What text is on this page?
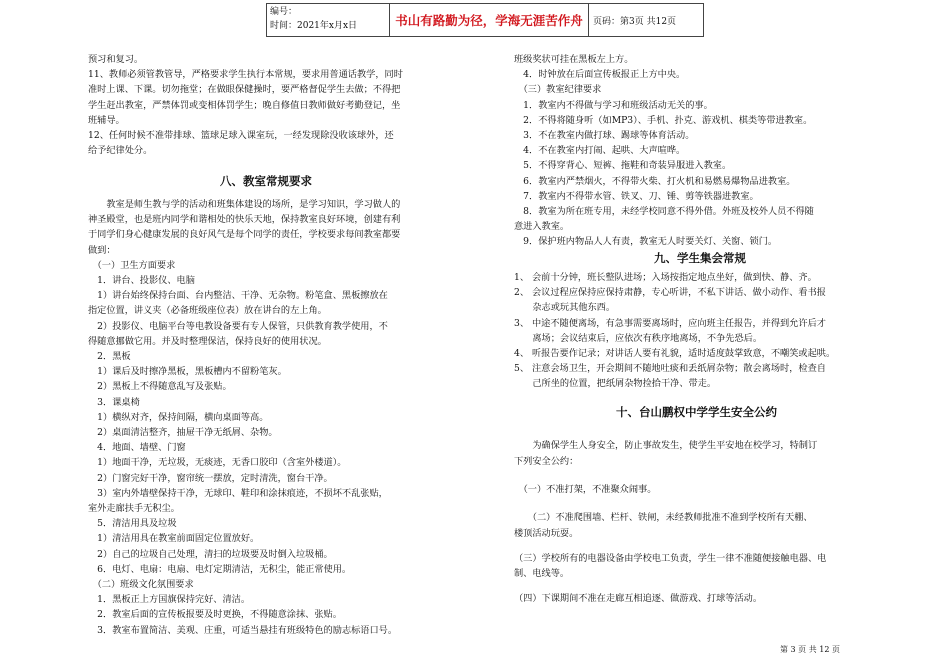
编号：
时间：2021年x月x日	书山有路勤为径，学海无涯苦作舟	页码：第3页 共12页

预习和复习。

11、教师必须管教管导，严格要求学生执行本常规，要求用普通话教学，同时

准时上课、下课。切勿拖堂；在做眼保健操时，要严格督促学生去做；不得把

学生赶出教室，严禁体罚或变相体罚学生；晚自修值日教师做好考勤登记，坐

班辅导。

12、任何时候不准带排球、篮球足球入课室玩，一经发现除没收该球外，还

给予纪律处分。

八、教室常规要求

　　教室是师生教与学的活动和班集体建设的场所，是学习知识，学习做人的

神圣殿堂，也是班内同学和谐相处的快乐天地，保持教室良好环境，创建有利

于同学们身心健康发展的良好风气是每个同学的责任，学校要求每间教室都要

做到：

　（一）卫生方面要求

　1．讲台、投影仪、电脑

　1）讲台始终保持台面、台内整洁、干净、无杂物。粉笔盒、黑板擦放在

指定位置，讲义夹（必备班级座位表）放在讲台的左上角。

　2）投影仪、电脑平台等电教设备要有专人保管，只供教育教学使用，不

得随意挪做它用。并及时整理保洁，保持良好的使用状况。

　2．黑板

　1）课后及时擦净黑板，黑板槽内不留粉笔灰。

　2）黑板上不得随意乱写及张贴。

　3．课桌椅

　1）横纵对齐，保持间隔，横向桌面等高。

　2）桌面清洁整齐，抽屉干净无纸屑、杂物。

　4．地面、墙壁、门窗

　1）地面干净，无垃圾，无痰迹，无香口胶印（含室外楼道）。

　2）门窗完好干净，窗帘统一摆放，定时清洗，窗台干净。

　3）室内外墙壁保持干净，无球印、鞋印和涂抹痕迹，不损坏不乱张贴，

室外走廊扶手无积尘。

　5．清洁用具及垃圾

　1）清洁用具在教室前面固定位置放好。

　2）自己的垃圾自己处理，清扫的垃圾要及时倒入垃圾桶。

　6．电灯、电扇：电扇、电灯定期清洁，无积尘，能正常使用。

　（二）班级文化氛围要求

　1．黑板正上方国旗保持完好、清洁。

　2．教室后面的宣传板报要及时更换，不得随意涂抹、张贴。

　3．教室布置简洁、美观、庄重，可适当悬挂有班级特色的励志标语口号。

班级奖状可挂在黑板左上方。

　4．时钟放在后面宣传板报正上方中央。

　（三）教室纪律要求

　1．教室内不得做与学习和班级活动无关的事。

　2．不得将随身听（如MP3）、手机、扑克、游戏机、棋类等带进教室。

　3．不在教室内做打球、踢球等体育活动。

　4．不在教室内打闹、起哄、大声喧哗。

　5．不得穿背心、短裤、拖鞋和奇装异服进入教室。

　6．教室内严禁烟火，不得带火柴、打火机和易燃易爆物品进教室。

　7．教室内不得带水管、铁叉、刀、锤、剪等铁器进教室。

　8．教室为所在班专用，未经学校同意不得外借。外班及校外人员不得随

意进入教室。

　9．保护班内物品人人有责，教室无人时要关灯、关窗、锁门。

九、学生集会常规

1、 会前十分钟，班长整队进场；入场按指定地点坐好，做到快、静、齐。

2、 会议过程应保持应保持肃静，专心听讲，不私下讲话、做小动作、看书报

　　杂志或玩其他东西。

3、 中途不随便离场，有急事需要离场时，应向班主任报告，并得到允许后才

　　离场；会议结束后，应依次有秩序地离场，不争先恐后。

4、 听报告要作记录；对讲话人要有礼貌，适时适度鼓掌致意，不嘲笑或起哄。

5、 注意会场卫生，开会期间不随地吐痰和丢纸屑杂物；散会离场时，检查自

　　己所坐的位置，把纸屑杂物捡拾干净、带走。

十、台山鹏权中学学生安全公约
　　为确保学生人身安全，防止事故发生，使学生平安地在校学习，特制订
下列安全公约：
　（一）不准打架，不准聚众闹事。
　　（二）不准爬围墙、栏杆、铁闸，未经教师批准不准到学校所有天棚、
楼顶活动玩耍。
（三）学校所有的电器设备由学校电工负责，学生一律不准随便接触电器、电
制、电线等。
（四）下课期间不准在走廊互相追逐、做游戏、打球等活动。
第 3 页 共 12 页
